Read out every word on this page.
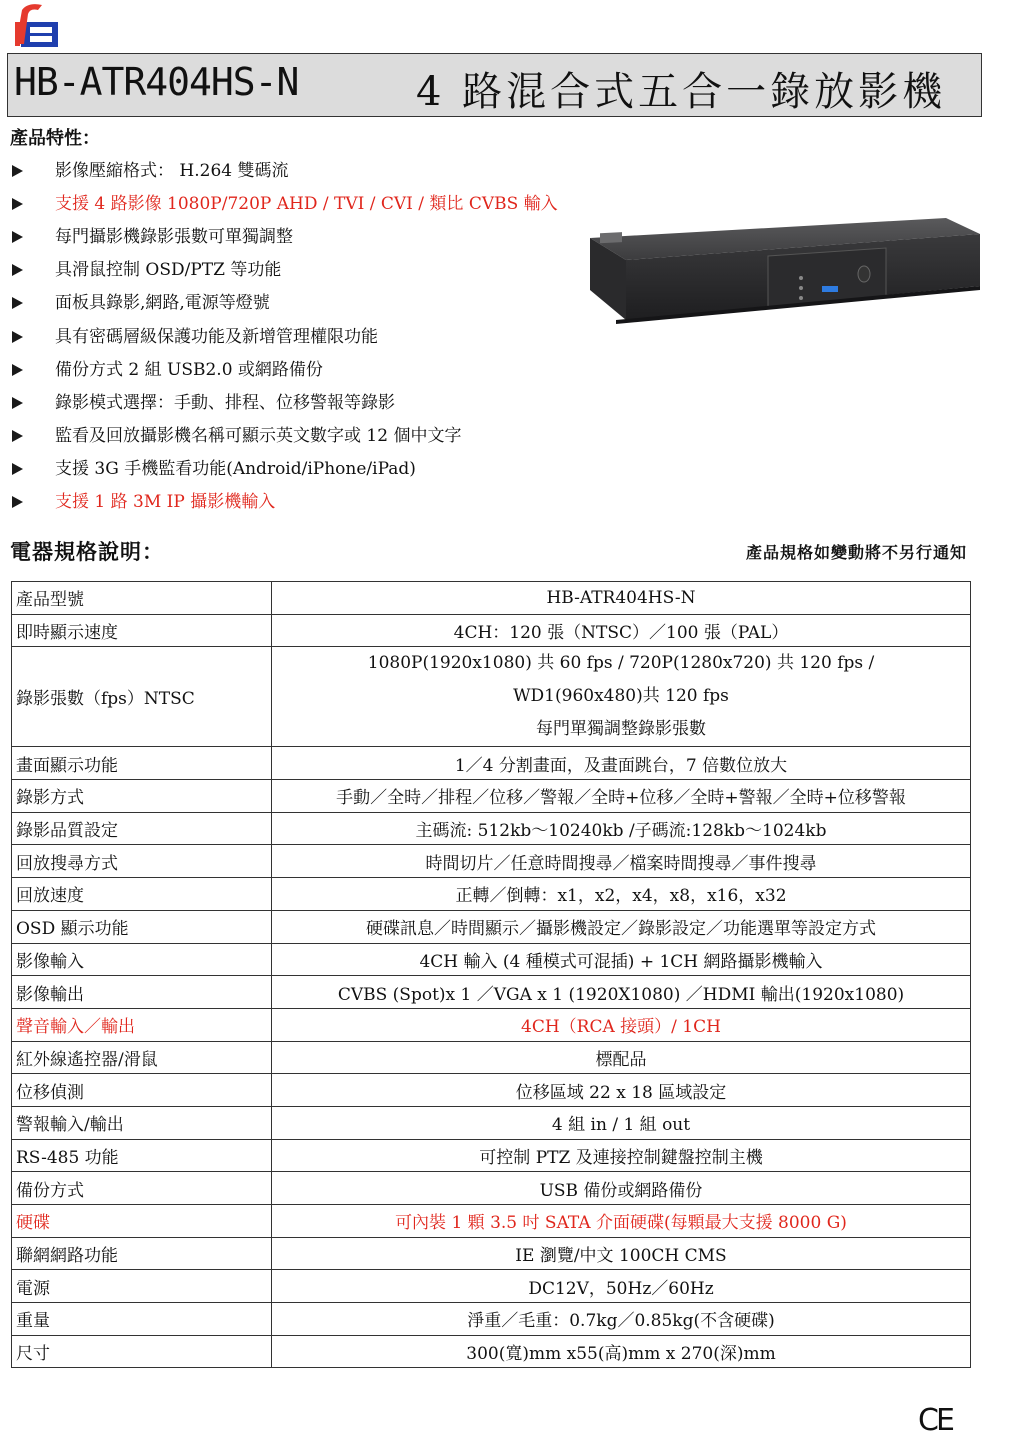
HB-ATR404HS-N	4 路混合式五合一錄放影機
產品特性：
影像壓縮格式： H.264 雙碼流
支援 4 路影像 1080P/720P AHD / TVI / CVI / 類比 CVBS 輸入
每門攝影機錄影張數可單獨調整
具滑鼠控制 OSD/PTZ 等功能
面板具錄影,網路,電源等燈號
具有密碼層級保護功能及新增管理權限功能
備份方式 2 組 USB2.0 或網路備份
錄影模式選擇：手動、排程、位移警報等錄影
監看及回放攝影機名稱可顯示英文數字或 12 個中文字
支援 3G 手機監看功能(Android/iPhone/iPad)
支援 1 路 3M IP 攝影機輸入
電器規格說明：	產品規格如變動將不另行通知
產品型號	HB-ATR404HS-N
即時顯示速度	4CH：120 張（NTSC）／100 張（PAL）
錄影張數（fps）NTSC	1080P(1920x1080) 共 60 fps / 720P(1280x720) 共 120 fps /
WD1(960x480)共 120 fps
每門單獨調整錄影張數

畫面顯示功能	1／4 分割畫面，及畫面跳台，7 倍數位放大
錄影方式	手動／全時／排程／位移／警報／全時+位移／全時+警報／全時+位移警報
錄影品質設定	主碼流: 512kb～10240kb /子碼流:128kb～1024kb
回放搜尋方式	時間切片／任意時間搜尋／檔案時間搜尋／事件搜尋
回放速度	正轉／倒轉：x1，x2，x4，x8，x16，x32
OSD 顯示功能	硬碟訊息／時間顯示／攝影機設定／錄影設定／功能選單等設定方式
影像輸入	4CH 輸入 (4 種模式可混插) + 1CH 網路攝影機輸入
影像輸出	CVBS (Spot)x 1 ／VGA x 1 (1920X1080) ／HDMI 輸出(1920x1080)
聲音輸入／輸出	4CH（RCA 接頭）/ 1CH
紅外線遙控器/滑鼠	標配品
位移偵測	位移區域 22 x 18 區域設定
警報輸入/輸出	4 組 in / 1 組 out
RS-485 功能	可控制 PTZ 及連接控制鍵盤控制主機
備份方式	USB 備份或網路備份
硬碟	可內裝 1 顆 3.5 吋 SATA 介面硬碟(每顆最大支援 8000 G)
聯網網路功能	IE 瀏覽/中文 100CH CMS
電源	DC12V，50Hz／60Hz
重量	淨重／毛重：0.7kg／0.85kg(不含硬碟)
尺寸	300(寬)mm x55(高)mm x 270(深)mm
CE
